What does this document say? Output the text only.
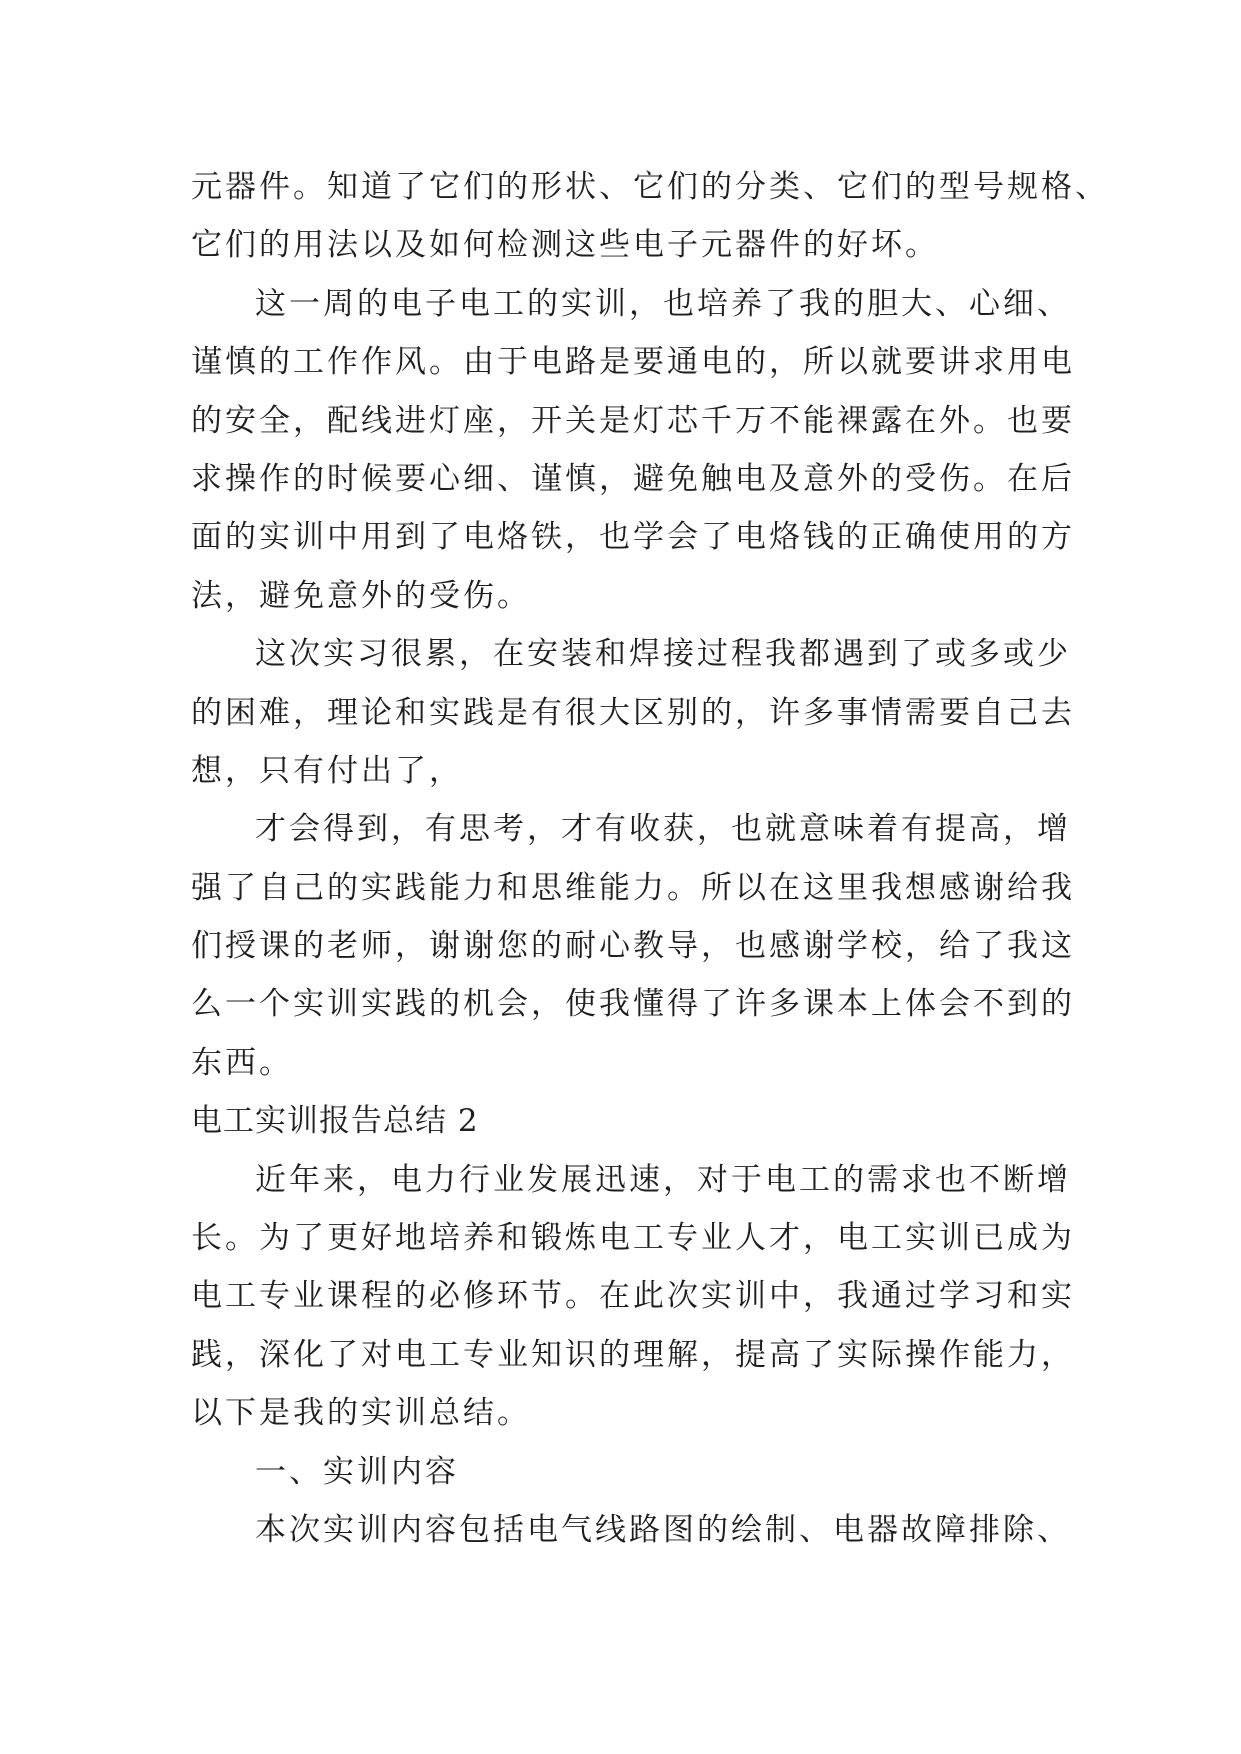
元器件。知道了它们的形状、它们的分类、它们的型号规格、
它们的用法以及如何检测这些电子元器件的好坏。
这一周的电子电工的实训，也培养了我的胆大、心细、
谨慎的工作作风。由于电路是要通电的，所以就要讲求用电
的安全，配线进灯座，开关是灯芯千万不能裸露在外。也要
求操作的时候要心细、谨慎，避免触电及意外的受伤。在后
面的实训中用到了电烙铁，也学会了电烙钱的正确使用的方
法，避免意外的受伤。
这次实习很累，在安装和焊接过程我都遇到了或多或少
的困难，理论和实践是有很大区别的，许多事情需要自己去
想，只有付出了，
才会得到，有思考，才有收获，也就意味着有提高，增
强了自己的实践能力和思维能力。所以在这里我想感谢给我
们授课的老师，谢谢您的耐心教导，也感谢学校，给了我这
么一个实训实践的机会，使我懂得了许多课本上体会不到的
东西。
电工实训报告总结 2
近年来，电力行业发展迅速，对于电工的需求也不断增
长。为了更好地培养和锻炼电工专业人才，电工实训已成为
电工专业课程的必修环节。在此次实训中，我通过学习和实
践，深化了对电工专业知识的理解，提高了实际操作能力，
以下是我的实训总结。
一、实训内容
本次实训内容包括电气线路图的绘制、电器故障排除、
